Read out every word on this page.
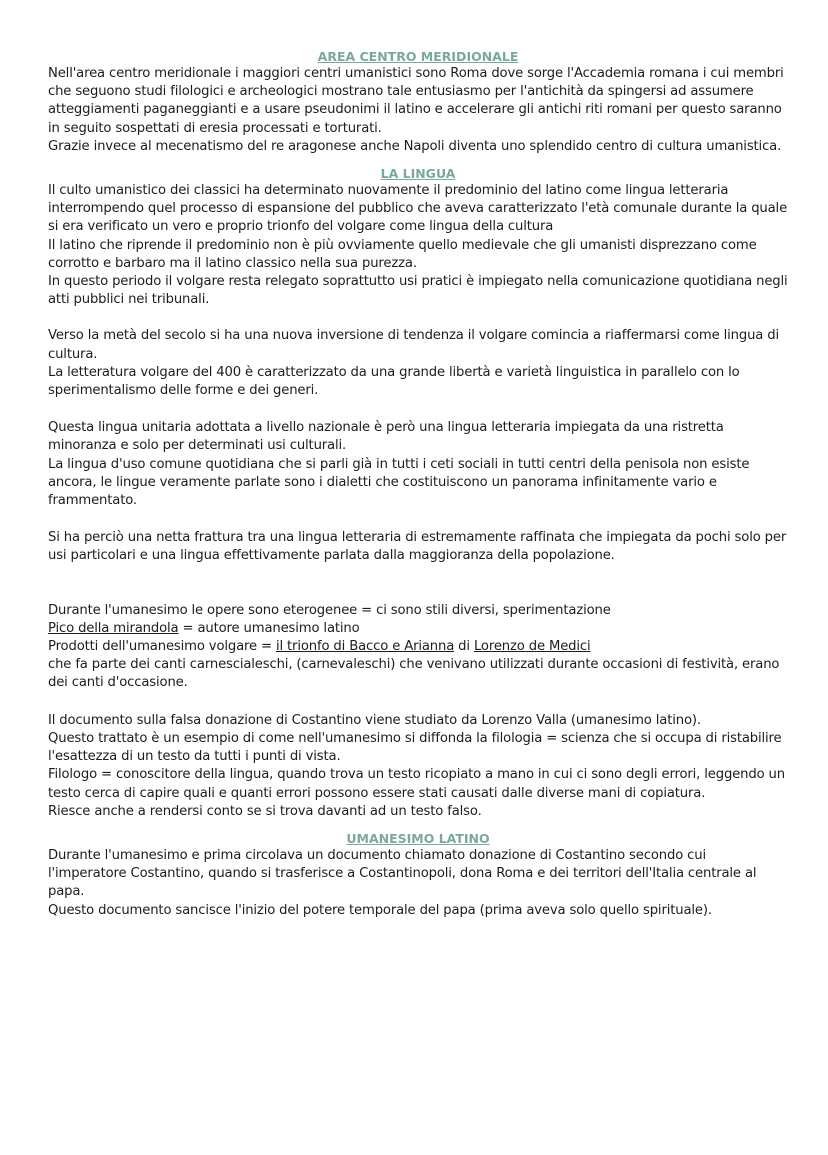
AREA CENTRO MERIDIONALE

Nell'area centro meridionale i maggiori centri umanistici sono Roma dove sorge l'Accademia romana i cui membri che seguono studi filologici e archeologici mostrano tale entusiasmo per l'antichità da spingersi ad assumere atteggiamenti paganeggianti e a usare pseudonimi il latino e accelerare gli antichi riti romani per questo saranno in seguito sospettati di eresia processati e torturati.

Grazie invece al mecenatismo del re aragonese anche Napoli diventa uno splendido centro di cultura umanistica.

LA LINGUA

Il culto umanistico dei classici ha determinato nuovamente il predominio del latino come lingua letteraria interrompendo quel processo di espansione del pubblico che aveva caratterizzato l'età comunale durante la quale si era verificato un vero e proprio trionfo del volgare come lingua della cultura

Il latino che riprende il predominio non è più ovviamente quello medievale che gli umanisti disprezzano come corrotto e barbaro ma il latino classico nella sua purezza.

In questo periodo il volgare resta relegato soprattutto usi pratici è impiegato nella comunicazione quotidiana negli atti pubblici nei tribunali.

Verso la metà del secolo si ha una nuova inversione di tendenza il volgare comincia a riaffermarsi come lingua di cultura.

La letteratura volgare del 400 è caratterizzato da una grande libertà e varietà linguistica in parallelo con lo sperimentalismo delle forme e dei generi.

Questa lingua unitaria adottata a livello nazionale è però una lingua letteraria impiegata da una ristretta minoranza e solo per determinati usi culturali.

La lingua d'uso comune quotidiana che si parli già in tutti i ceti sociali in tutti centri della penisola non esiste ancora, le lingue veramente parlate sono i dialetti che costituiscono un panorama infinitamente vario e frammentato.

Si ha perciò una netta frattura tra una lingua letteraria di estremamente raffinata che impiegata da pochi solo per usi particolari e una lingua effettivamente parlata dalla maggioranza della popolazione.

Durante l'umanesimo le opere sono eterogenee = ci sono stili diversi, sperimentazione

Pico della mirandola = autore umanesimo latino

Prodotti dell'umanesimo volgare = il trionfo di Bacco e Arianna di Lorenzo de Medici

che fa parte dei canti carnescialeschi, (carnevaleschi) che venivano utilizzati durante occasioni di festività, erano dei canti d'occasione.

Il documento sulla falsa donazione di Costantino viene studiato da Lorenzo Valla (umanesimo latino).

Questo trattato è un esempio di come nell'umanesimo si diffonda la filologia = scienza che si occupa di ristabilire l'esattezza di un testo da tutti i punti di vista.

Filologo = conoscitore della lingua, quando trova un testo ricopiato a mano in cui ci sono degli errori, leggendo un testo cerca di capire quali e quanti errori possono essere stati causati dalle diverse mani di copiatura.

Riesce anche a rendersi conto se si trova davanti ad un testo falso.

UMANESIMO LATINO

Durante l'umanesimo e prima circolava un documento chiamato donazione di Costantino secondo cui l'imperatore Costantino, quando si trasferisce a Costantinopoli, dona Roma e dei territori dell'Italia centrale al papa.

Questo documento sancisce l'inizio del potere temporale del papa (prima aveva solo quello spirituale).
